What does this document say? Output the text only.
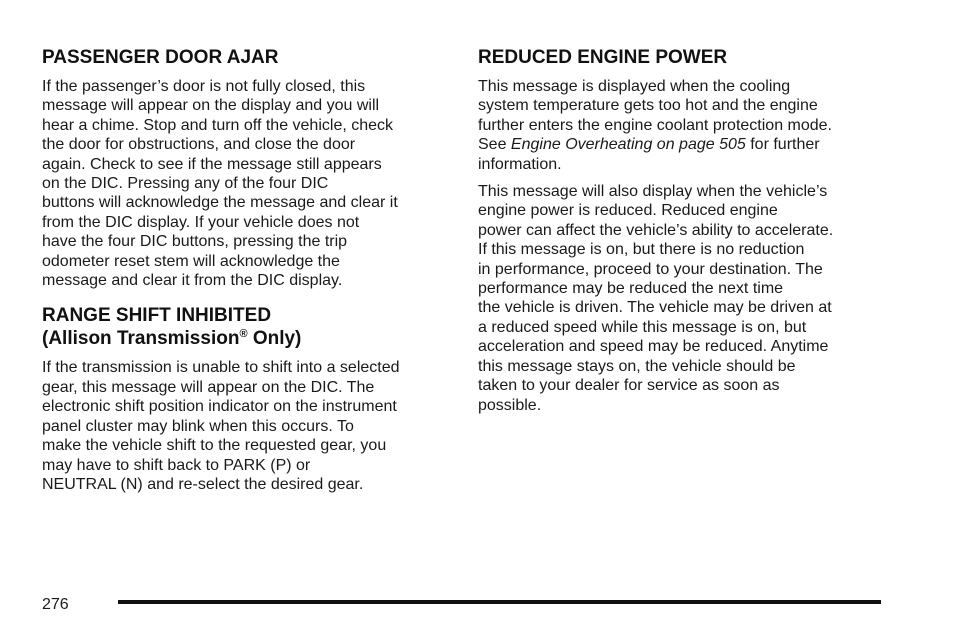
PASSENGER DOOR AJAR

If the passenger’s door is not fully closed, this
message will appear on the display and you will
hear a chime. Stop and turn off the vehicle, check
the door for obstructions, and close the door
again. Check to see if the message still appears
on the DIC. Pressing any of the four DIC
buttons will acknowledge the message and clear it
from the DIC display. If your vehicle does not
have the four DIC buttons, pressing the trip
odometer reset stem will acknowledge the
message and clear it from the DIC display.

RANGE SHIFT INHIBITED
(Allison Transmission® Only)

If the transmission is unable to shift into a selected
gear, this message will appear on the DIC. The
electronic shift position indicator on the instrument
panel cluster may blink when this occurs. To
make the vehicle shift to the requested gear, you
may have to shift back to PARK (P) or
NEUTRAL (N) and re-select the desired gear.

REDUCED ENGINE POWER

This message is displayed when the cooling
system temperature gets too hot and the engine
further enters the engine coolant protection mode.
See Engine Overheating on page 505 for further
information.

This message will also display when the vehicle’s
engine power is reduced. Reduced engine
power can affect the vehicle’s ability to accelerate.
If this message is on, but there is no reduction
in performance, proceed to your destination. The
performance may be reduced the next time
the vehicle is driven. The vehicle may be driven at
a reduced speed while this message is on, but
acceleration and speed may be reduced. Anytime
this message stays on, the vehicle should be
taken to your dealer for service as soon as
possible.

276
